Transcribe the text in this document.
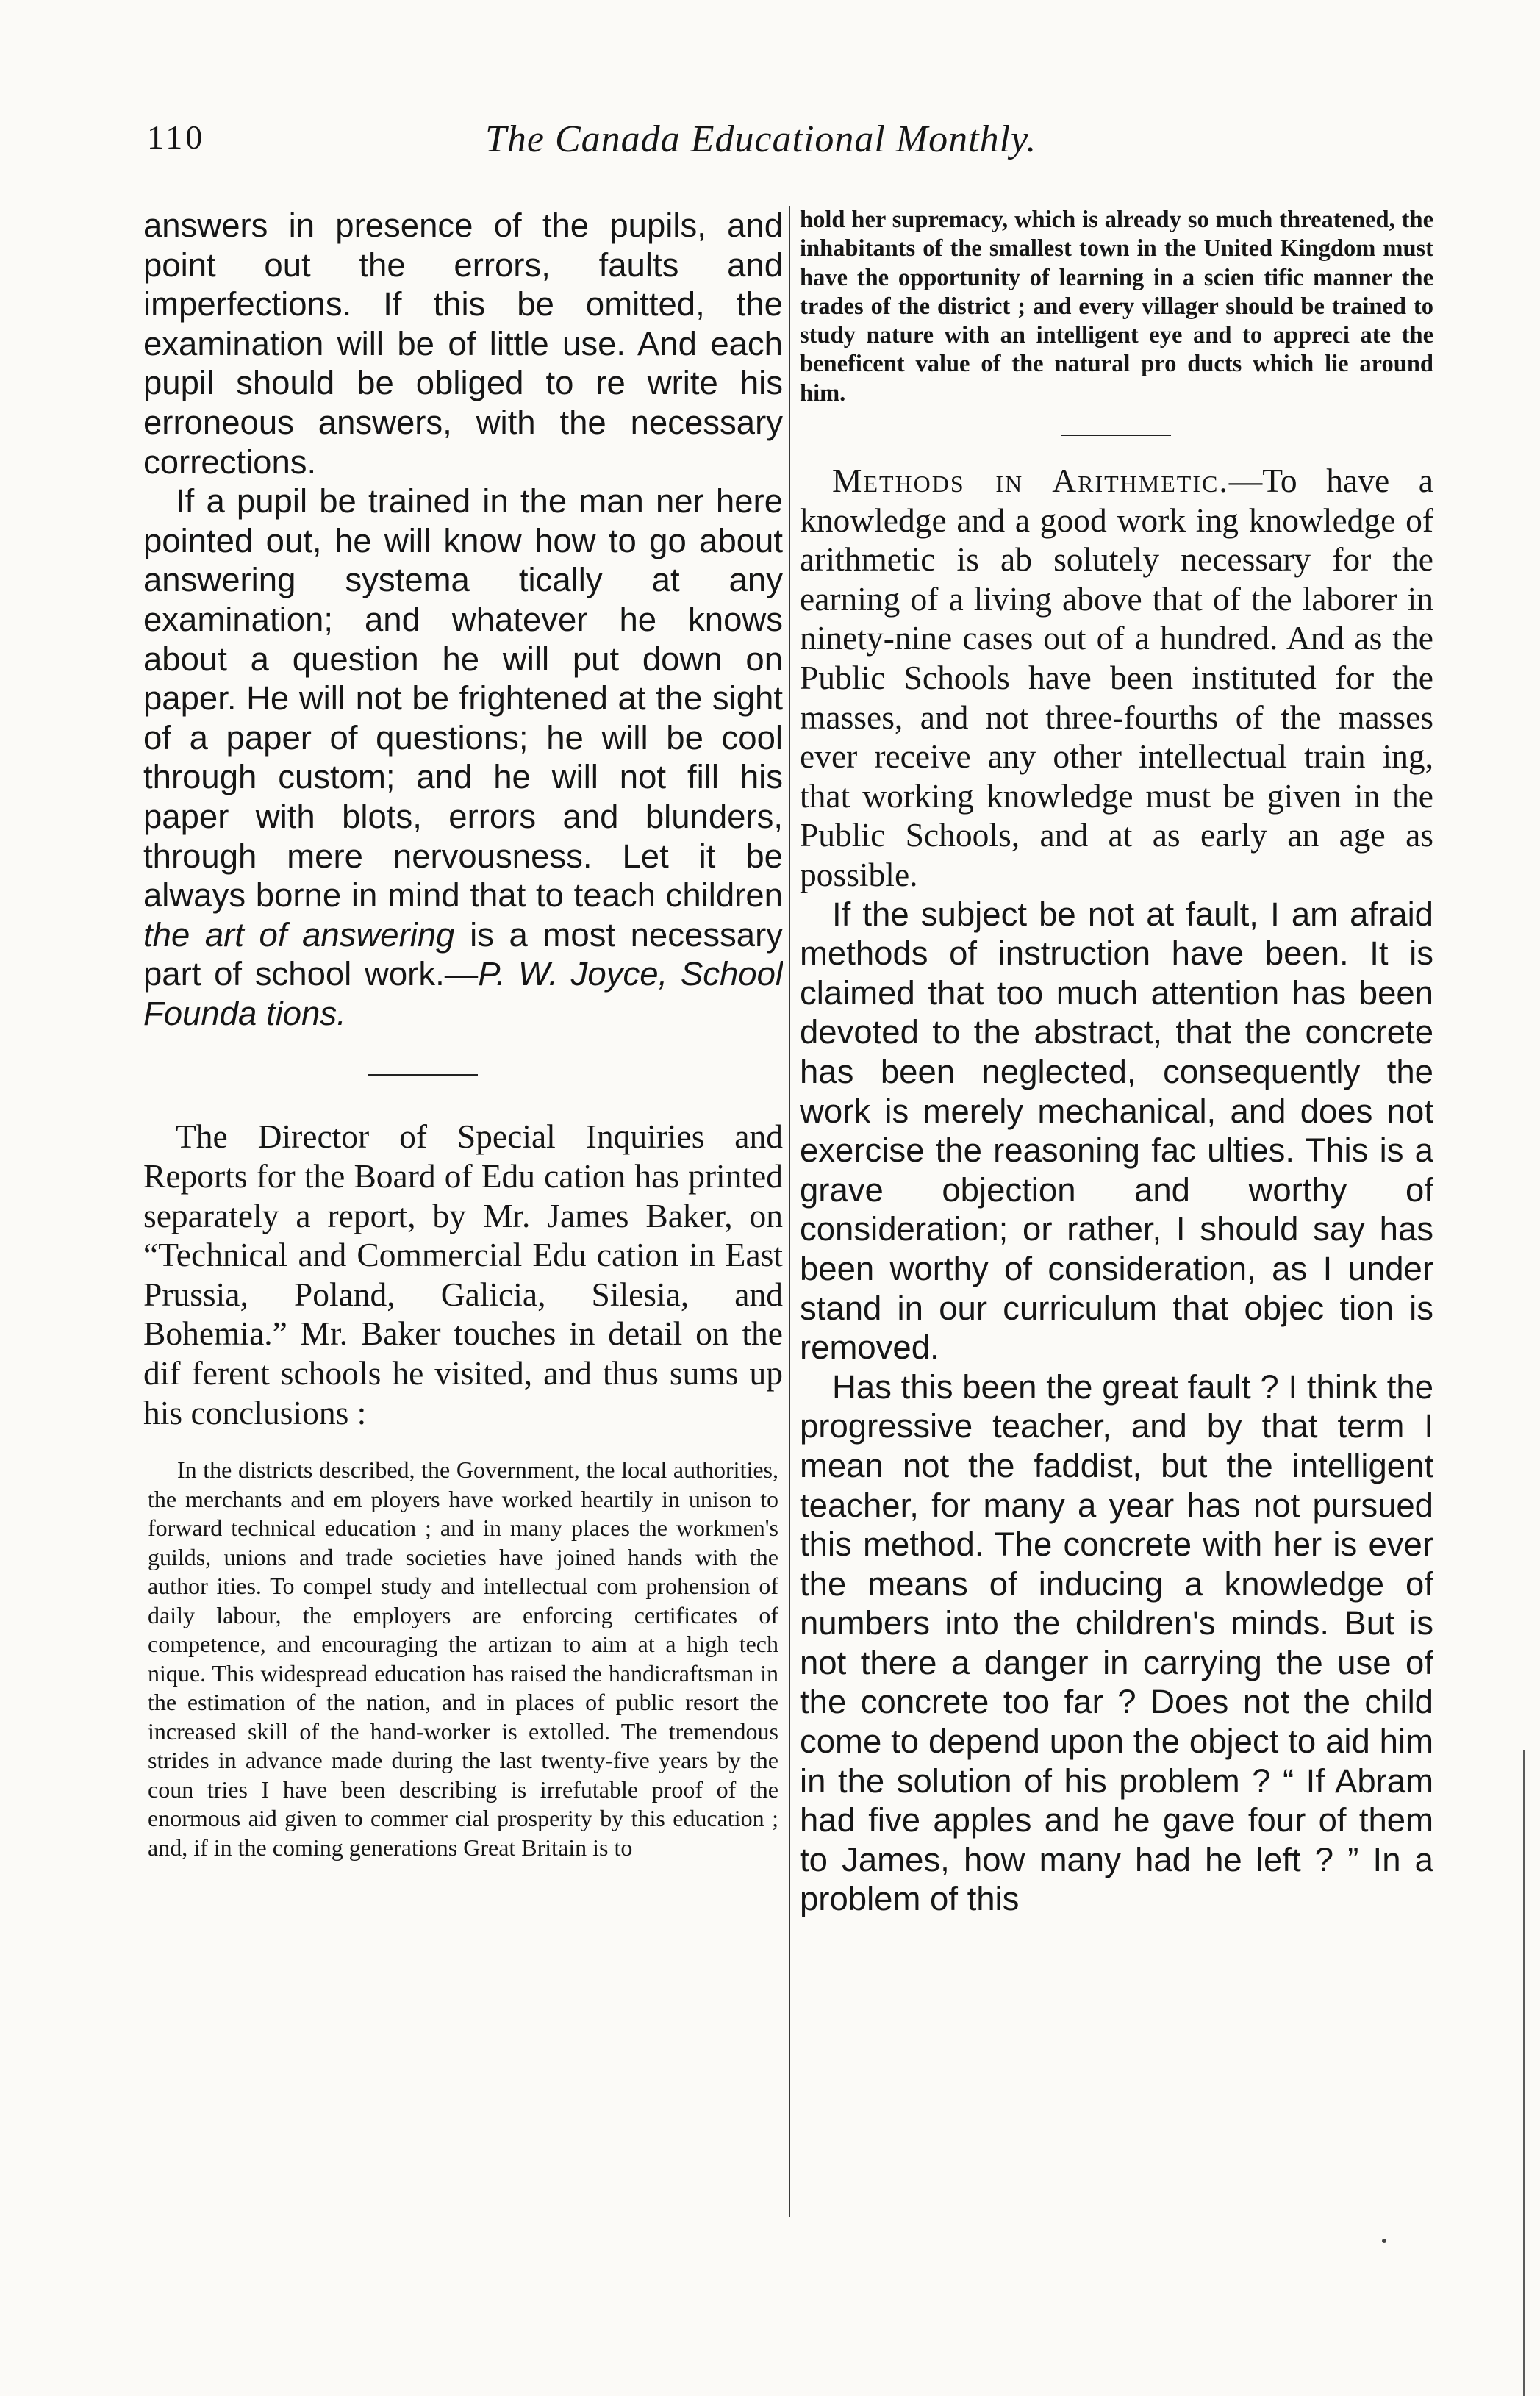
110	The Canada Educational Monthly.

answers in presence of the pupils, and point out the errors, faults and imperfections. If this be omitted, the examination will be of little use. And each pupil should be obliged to re write his erroneous answers, with the necessary corrections.

If a pupil be trained in the man ner here pointed out, he will know how to go about answering systema tically at any examination; and whatever he knows about a question he will put down on paper. He will not be frightened at the sight of a paper of questions; he will be cool through custom; and he will not fill his paper with blots, errors and blunders, through mere nervousness. Let it be always borne in mind that to teach children the art of answering is a most necessary part of school work.—P. W. Joyce, School Founda tions.

The Director of Special Inquiries and Reports for the Board of Edu cation has printed separately a report, by Mr. James Baker, on “Technical and Commercial Edu cation in East Prussia, Poland, Galicia, Silesia, and Bohemia.” Mr. Baker touches in detail on the dif ferent schools he visited, and thus sums up his conclusions :

In the districts described, the Government, the local authorities, the merchants and em ployers have worked heartily in unison to forward technical education ; and in many places the workmen's guilds, unions and trade societies have joined hands with the author ities. To compel study and intellectual com prohension of daily labour, the employers are enforcing certificates of competence, and encouraging the artizan to aim at a high tech nique. This widespread education has raised the handicraftsman in the estimation of the nation, and in places of public resort the increased skill of the hand-worker is extolled. The tremendous strides in advance made during the last twenty-five years by the coun tries I have been describing is irrefutable proof of the enormous aid given to commer cial prosperity by this education ; and, if in the coming generations Great Britain is to

hold her supremacy, which is already so much threatened, the inhabitants of the smallest town in the United Kingdom must have the opportunity of learning in a scien tific manner the trades of the district ; and every villager should be trained to study nature with an intelligent eye and to appreci ate the beneficent value of the natural pro ducts which lie around him.

Methods in Arithmetic.—To have a knowledge and a good work ing knowledge of arithmetic is ab solutely necessary for the earning of a living above that of the laborer in ninety-nine cases out of a hundred. And as the Public Schools have been instituted for the masses, and not three-fourths of the masses ever receive any other intellectual train ing, that working knowledge must be given in the Public Schools, and at as early an age as possible.

If the subject be not at fault, I am afraid methods of instruction have been. It is claimed that too much attention has been devoted to the abstract, that the concrete has been neglected, consequently the work is merely mechanical, and does not exercise the reasoning fac ulties. This is a grave objection and worthy of consideration; or rather, I should say has been worthy of consideration, as I under stand in our curriculum that objec tion is removed.

Has this been the great fault ? I think the progressive teacher, and by that term I mean not the faddist, but the intelligent teacher, for many a year has not pursued this method. The concrete with her is ever the means of inducing a knowledge of numbers into the children's minds. But is not there a danger in carrying the use of the concrete too far ? Does not the child come to depend upon the object to aid him in the solution of his problem ? “ If Abram had five apples and he gave four of them to James, how many had he left ? ” In a problem of this
